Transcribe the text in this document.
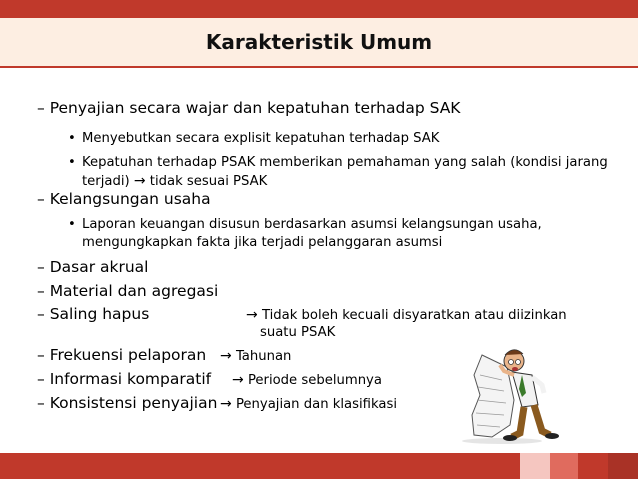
Karakteristik Umum
– Penyajian secara wajar dan kepatuhan terhadap SAK
• Menyebutkan secara explisit kepatuhan terhadap SAK
• Kepatuhan terhadap PSAK memberikan pemahaman yang salah (kondisi jarang
terjadi) → tidak sesuai PSAK
– Kelangsungan usaha
• Laporan keuangan disusun berdasarkan asumsi kelangsungan usaha,
mengungkapkan fakta jika terjadi pelanggaran asumsi
– Dasar akrual
– Material dan agregasi
– Saling hapus	→ Tidak boleh kecuali disyaratkan atau diizinkan
suatu PSAK
– Frekuensi pelaporan → Tahunan
– Informasi komparatif → Periode sebelumnya
– Konsistensi penyajian → Penyajian dan klasifikasi
